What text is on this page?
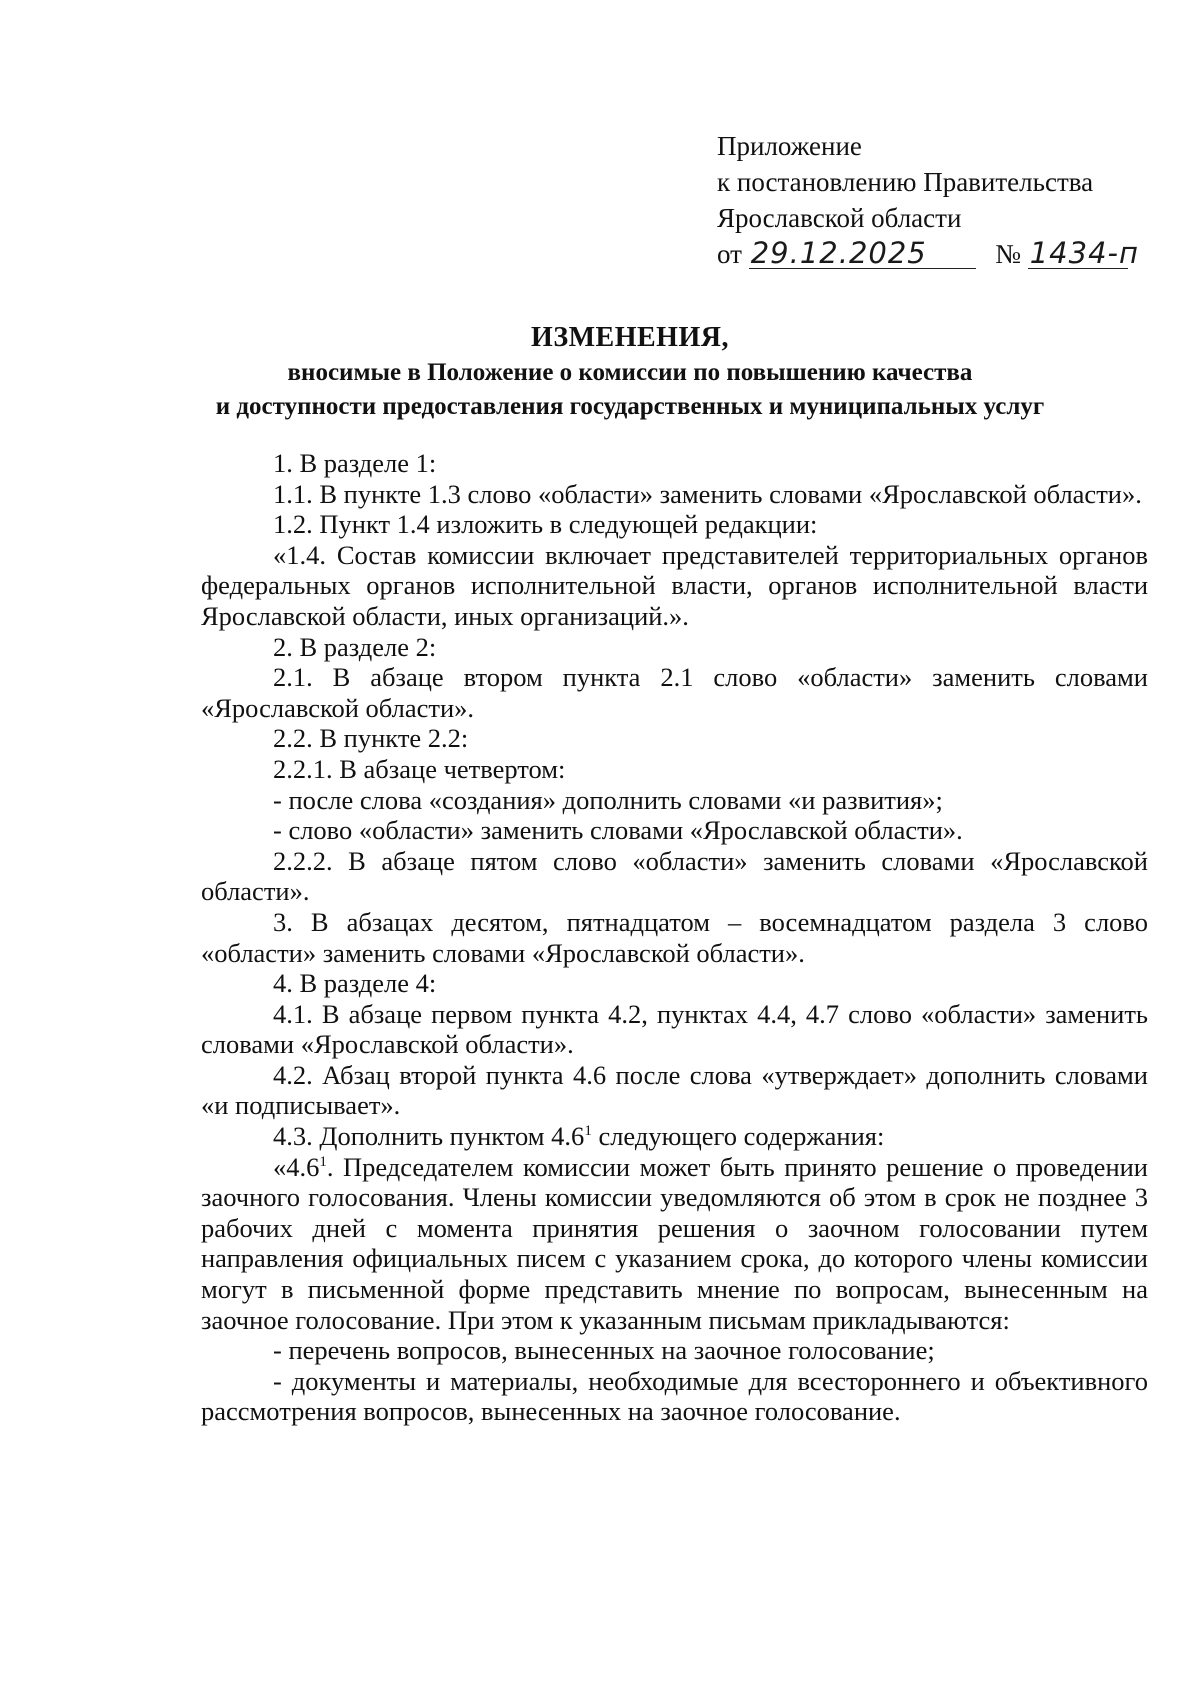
Приложение
к постановлению Правительства
Ярославской области
от 29.12.2025	№ 1434-п
ИЗМЕНЕНИЯ,
вносимые в Положение о комиссии по повышению качества
и доступности предоставления государственных и муниципальных услуг

1. В разделе 1:

1.1. В пункте 1.3 слово «области» заменить словами «Ярославской области».

1.2. Пункт 1.4 изложить в следующей редакции:

«1.4. Состав комиссии включает представителей территориальных органов федеральных органов исполнительной власти, органов исполнительной власти Ярославской области, иных организаций.».

2. В разделе 2:

2.1. В абзаце втором пункта 2.1 слово «области» заменить словами «Ярославской области».

2.2. В пункте 2.2:

2.2.1. В абзаце четвертом:

- после слова «создания» дополнить словами «и развития»;

- слово «области» заменить словами «Ярославской области».

2.2.2. В абзаце пятом слово «области» заменить словами «Ярославской области».

3. В абзацах десятом, пятнадцатом – восемнадцатом раздела 3 слово «области» заменить словами «Ярославской области».

4. В разделе 4:

4.1. В абзаце первом пункта 4.2, пунктах 4.4, 4.7 слово «области» заменить словами «Ярославской области».

4.2. Абзац второй пункта 4.6 после слова «утверждает» дополнить словами «и подписывает».

4.3. Дополнить пунктом $4.6^1$ следующего содержания:

«$4.6^1$. Председателем комиссии может быть принято решение о проведении заочного голосования. Члены комиссии уведомляются об этом в срок не позднее 3 рабочих дней с момента принятия решения о заочном голосовании путем направления официальных писем с указанием срока, до которого члены комиссии могут в письменной форме представить мнение по вопросам, вынесенным на заочное голосование. При этом к указанным письмам прикладываются:

- перечень вопросов, вынесенных на заочное голосование;

- документы и материалы, необходимые для всестороннего и объективного рассмотрения вопросов, вынесенных на заочное голосование.
